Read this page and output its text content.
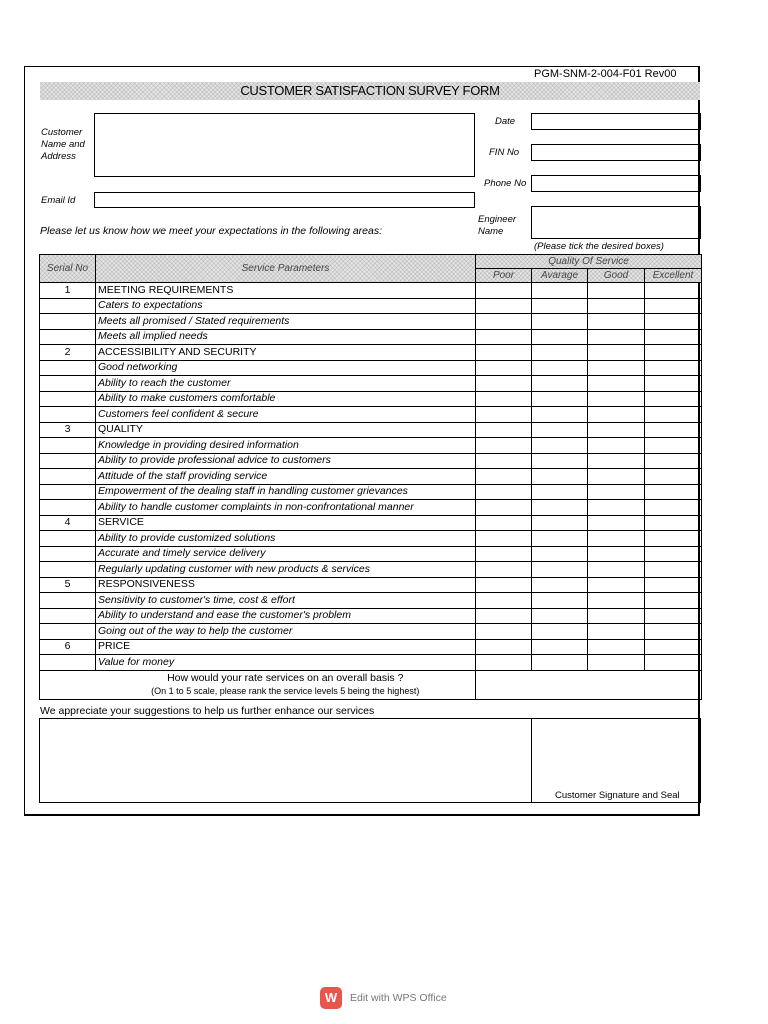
PGM-SNM-2-004-F01 Rev00
CUSTOMER SATISFACTION SURVEY FORM
Customer
Name and
Address
Email Id
Date
FIN No
Phone No
Engineer
Name
Please let us know how we meet your expectations in the following areas:
(Please tick the desired boxes)
Serial No	Service Parameters	Quality Of Service			
		Poor	Avarage	Good	Excellent
1	MEETING REQUIREMENTS				
	Caters to expectations				
	Meets all promised / Stated requirements				
	Meets all implied needs				
2	ACCESSIBILITY AND SECURITY				
	Good networking				
	Ability to reach the customer				
	Ability to make customers comfortable				
	Customers feel confident & secure				
3	QUALITY				
	Knowledge in providing desired information				
	Ability to provide professional advice to customers				
	Attitude of the staff providing service				
	Empowerment of the dealing staff in handling customer grievances				
	Ability to handle customer complaints in non-confrontational manner				
4	SERVICE				
	Ability to provide customized solutions				
	Accurate and timely service delivery				
	Regularly updating customer with new products & services				
5	RESPONSIVENESS				
	Sensitivity to customer's time, cost & effort				
	Ability to understand and ease the customer's problem				
	Going out of the way to help the customer				
6	PRICE				
	Value for money				

	How would your rate services on an overall basis ?
(On 1 to 5 scale, please rank the service levels 5 being the highest)				

We appreciate your suggestions to help us further enhance our services
Customer Signature and Seal
W	Edit with WPS Office
